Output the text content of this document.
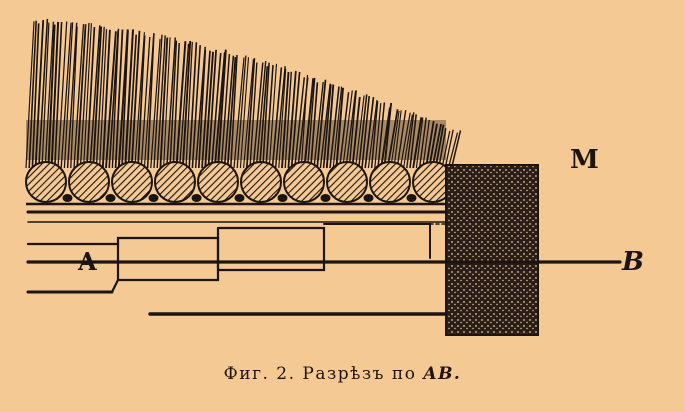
M
A	B
Фиг. 2. Разрѣзъ по AB.
